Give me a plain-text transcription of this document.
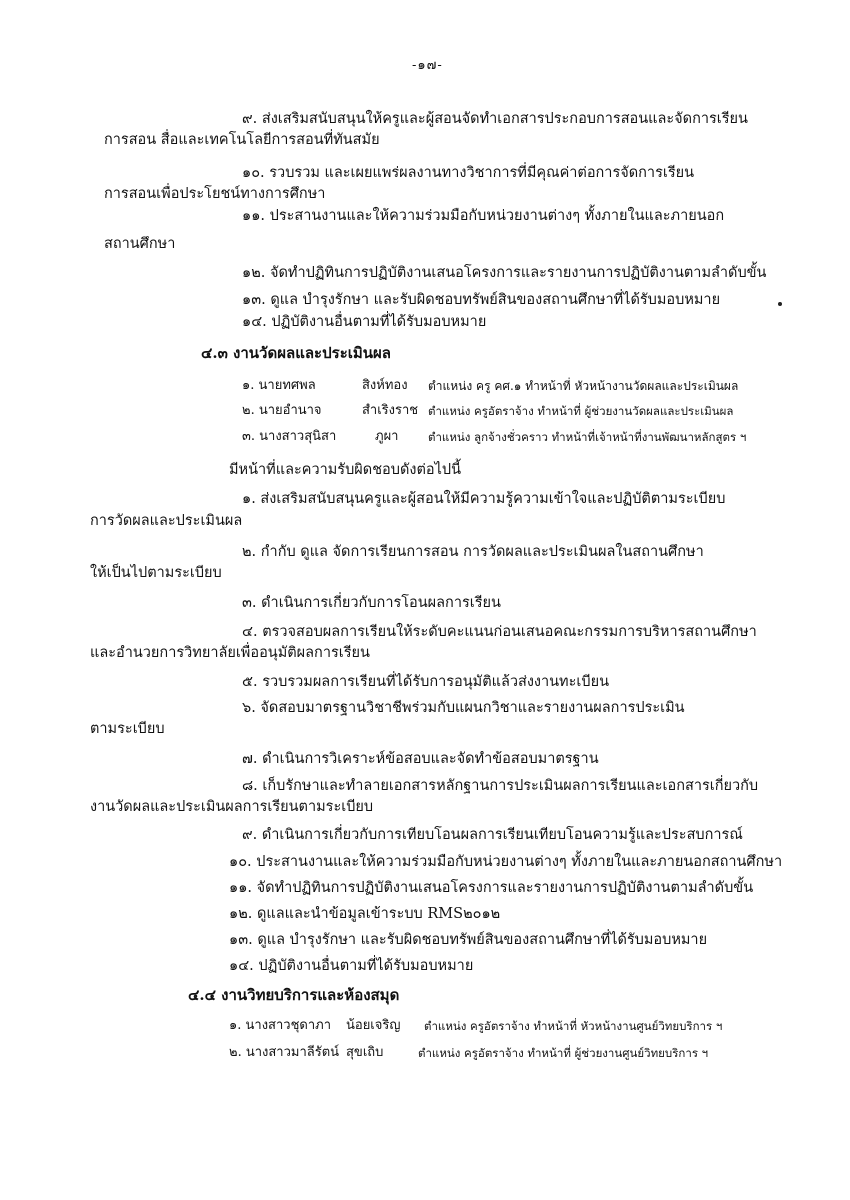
-๑๗-
๙. ส่งเสริมสนับสนุนให้ครูและผู้สอนจัดทำเอกสารประกอบการสอนและจัดการเรียน
การสอน สื่อและเทคโนโลยีการสอนที่ทันสมัย
๑๐. รวบรวม และเผยแพร่ผลงานทางวิชาการที่มีคุณค่าต่อการจัดการเรียน
การสอนเพื่อประโยชน์ทางการศึกษา
๑๑. ประสานงานและให้ความร่วมมือกับหน่วยงานต่างๆ ทั้งภายในและภายนอก
สถานศึกษา
๑๒. จัดทำปฏิทินการปฏิบัติงานเสนอโครงการและรายงานการปฏิบัติงานตามลำดับขั้น
๑๓. ดูแล บำรุงรักษา และรับผิดชอบทรัพย์สินของสถานศึกษาที่ได้รับมอบหมาย
๑๔. ปฏิบัติงานอื่นตามที่ได้รับมอบหมาย
๔.๓ งานวัดผลและประเมินผล
๑. นายทศพล	สิงห์ทอง ตำแหน่ง ครู คศ.๑ ทำหน้าที่ หัวหน้างานวัดผลและประเมินผล
๒. นายอำนาจ	สำเริงราช ตำแหน่ง ครูอัตราจ้าง ทำหน้าที่ ผู้ช่วยงานวัดผลและประเมินผล
๓. นางสาวสุนิสา	ภูผา	ตำแหน่ง ลูกจ้างชั่วคราว ทำหน้าที่เจ้าหน้าที่งานพัฒนาหลักสูตร ฯ
มีหน้าที่และความรับผิดชอบดังต่อไปนี้
๑. ส่งเสริมสนับสนุนครูและผู้สอนให้มีความรู้ความเข้าใจและปฏิบัติตามระเบียบ
การวัดผลและประเมินผล
๒. กำกับ ดูแล จัดการเรียนการสอน การวัดผลและประเมินผลในสถานศึกษา
ให้เป็นไปตามระเบียบ
๓. ดำเนินการเกี่ยวกับการโอนผลการเรียน
๔. ตรวจสอบผลการเรียนให้ระดับคะแนนก่อนเสนอคณะกรรมการบริหารสถานศึกษา
และอำนวยการวิทยาลัยเพื่ออนุมัติผลการเรียน
๕. รวบรวมผลการเรียนที่ได้รับการอนุมัติแล้วส่งงานทะเบียน
๖. จัดสอบมาตรฐานวิชาชีพร่วมกับแผนกวิชาและรายงานผลการประเมิน
ตามระเบียบ
๗. ดำเนินการวิเคราะห์ข้อสอบและจัดทำข้อสอบมาตรฐาน
๘. เก็บรักษาและทำลายเอกสารหลักฐานการประเมินผลการเรียนและเอกสารเกี่ยวกับ
งานวัดผลและประเมินผลการเรียนตามระเบียบ
๙. ดำเนินการเกี่ยวกับการเทียบโอนผลการเรียนเทียบโอนความรู้และประสบการณ์
๑๐. ประสานงานและให้ความร่วมมือกับหน่วยงานต่างๆ ทั้งภายในและภายนอกสถานศึกษา
๑๑. จัดทำปฏิทินการปฏิบัติงานเสนอโครงการและรายงานการปฏิบัติงานตามลำดับขั้น
๑๒. ดูแลและนำข้อมูลเข้าระบบ RMS๒๐๑๒
๑๓. ดูแล บำรุงรักษา และรับผิดชอบทรัพย์สินของสถานศึกษาที่ได้รับมอบหมาย
๑๔. ปฏิบัติงานอื่นตามที่ได้รับมอบหมาย
๔.๔ งานวิทยบริการและห้องสมุด
๑. นางสาวชุดาภา น้อยเจริญ ตำแหน่ง ครูอัตราจ้าง ทำหน้าที่ หัวหน้างานศูนย์วิทยบริการ ฯ
๒. นางสาวมาลีรัตน์ สุขเถิบ	ตำแหน่ง ครูอัตราจ้าง ทำหน้าที่ ผู้ช่วยงานศูนย์วิทยบริการ ฯ
